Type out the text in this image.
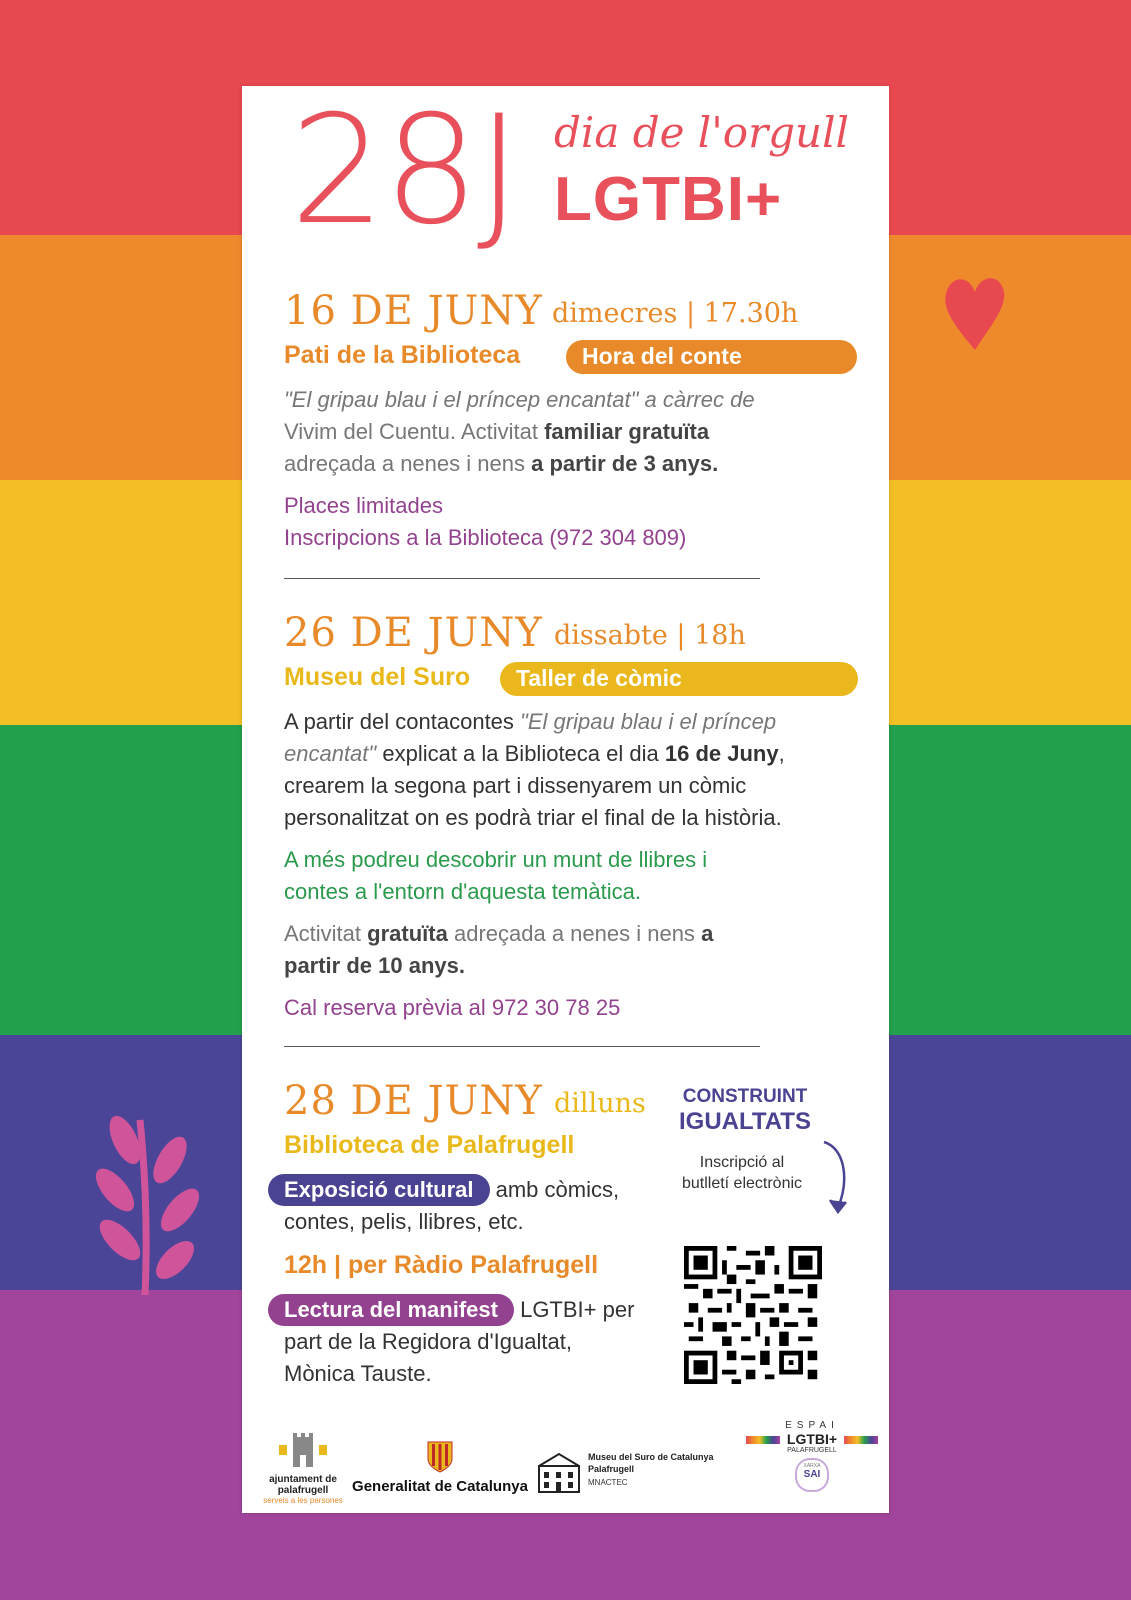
28J dia de l'orgull
LGTBI+
16 DE JUNY dimecres | 17.30h
Pati de la Biblioteca	Hora del conte
"El gripau blau i el príncep encantat" a càrrec de
Vivim del Cuentu. Activitat familiar gratuïta
adreçada a nenes i nens a partir de 3 anys.
Places limitades
Inscripcions a la Biblioteca (972 304 809)
26 DE JUNY dissabte | 18h
Museu del Suro	Taller de còmic
A partir del contacontes "El gripau blau i el príncep
encantat" explicat a la Biblioteca el dia 16 de Juny,
crearem la segona part i dissenyarem un còmic
personalitzat on es podrà triar el final de la història.
A més podreu descobrir un munt de llibres i
contes a l'entorn d'aquesta temàtica.
Activitat gratuïta adreçada a nenes i nens a
partir de 10 anys.
Cal reserva prèvia al 972 30 78 25
28 DE JUNY dilluns
Biblioteca de Palafrugell
Exposició cultural amb còmics,
contes, pelis, llibres, etc.
12h | per Ràdio Palafrugell
Lectura del manifest LGTBI+ per
part de la Regidora d'Igualtat,
Mònica Tauste.
CONSTRUINT
IGUALTATS
Inscripció al
butlletí electrònic
ajuntament de
palafrugell
serveis a les persones
Generalitat de Catalunya
Museu del Suro de Catalunya
Palafrugell
MNACTEC
ESPAI
LGTBI+
PALAFRUGELL
XARXA
SAI
